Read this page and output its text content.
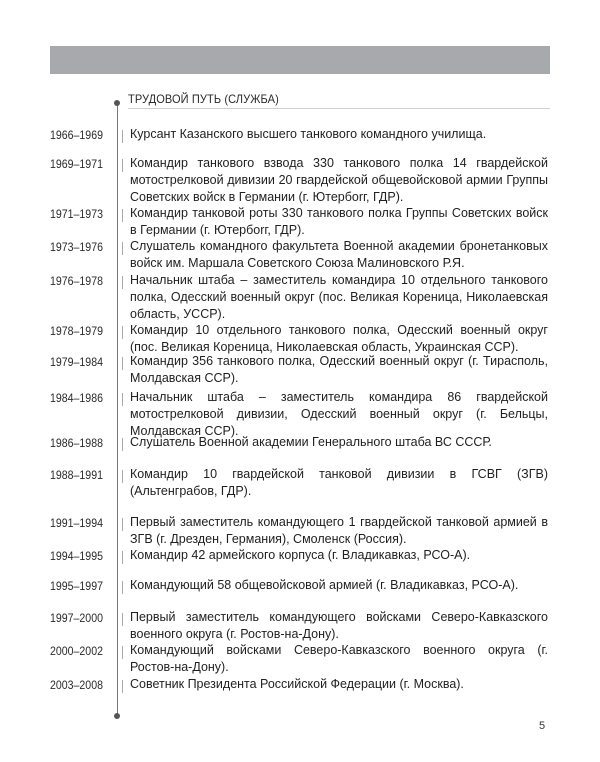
ТРУДОВОЙ ПУТЬ (СЛУЖБА)
1966–1969	Курсант Казанского высшего танкового командного училища.
1969–1971	Командир танкового взвода 330 танкового полка 14 гвардейской мотострелковой дивизии 20 гвардейской общевойсковой армии Группы Советских войск в Германии (г. Ютербоrг, ГДР).
1971–1973	Командир танковой роты 330 танкового полка Группы Советских войск в Германии (г. Ютербоrг, ГДР).
1973–1976	Слушатель командного факультета Военной академии бронетанковых войск им. Маршала Советского Союза Малиновского Р.Я.
1976–1978	Начальник штаба – заместитель командира 10 отдельного танкового полка, Одесский военный округ (пос. Великая Кореница, Николаевская область, УССР).
1978–1979	Командир 10 отдельного танкового полка, Одесский военный округ (пос. Великая Кореница, Николаевская область, Украинская ССР).
1979–1984	Командир 356 танкового полка, Одесский военный округ (г. Тирасполь, Молдавская ССР).
1984–1986	Начальник штаба – заместитель командира 86 гвардейской мотострелковой дивизии, Одесский военный округ (г. Бельцы, Молдавская ССР).
1986–1988	Слушатель Военной академии Генерального штаба ВС СССР.
1988–1991	Командир 10 гвардейской танковой дивизии в ГСВГ (ЗГВ) (Альтенграбов, ГДР).
1991–1994	Первый заместитель командующего 1 гвардейской танковой армией в ЗГВ (г. Дрезден, Германия), Смоленск (Россия).
1994–1995	Командир 42 армейского корпуса (г. Владикавказ, РСО-А).
1995–1997	Командующий 58 общевойсковой армией (г. Владикавказ, РСО-А).
1997–2000	Первый заместитель командующего войсками Северо-Кавказского военного округа (г. Ростов-на-Дону).
2000–2002	Командующий войсками Северо-Кавказского военного округа (г. Ростов-на-Дону).
2003–2008	Советник Президента Российской Федерации (г. Москва).
5
